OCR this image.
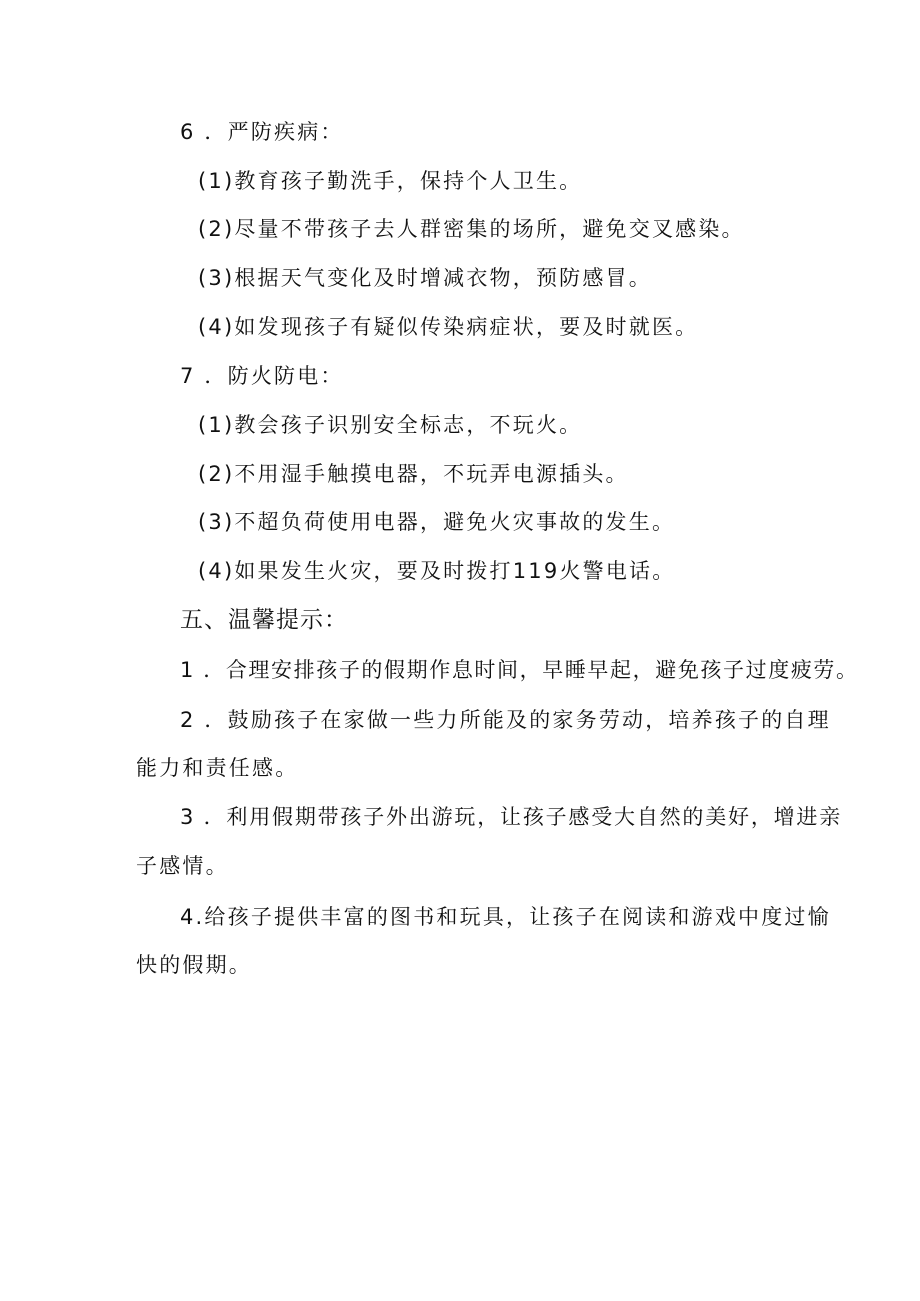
6 ．严防疾病：
(1)教育孩子勤洗手，保持个人卫生。
(2)尽量不带孩子去人群密集的场所，避免交叉感染。
(3)根据天气变化及时增减衣物，预防感冒。
(4)如发现孩子有疑似传染病症状，要及时就医。
7 ．防火防电：
(1)教会孩子识别安全标志，不玩火。
(2)不用湿手触摸电器，不玩弄电源插头。
(3)不超负荷使用电器，避免火灾事故的发生。
(4)如果发生火灾，要及时拨打119火警电话。
五、温馨提示：
1 ．合理安排孩子的假期作息时间，早睡早起，避免孩子过度疲劳。
2 ．鼓励孩子在家做一些力所能及的家务劳动，培养孩子的自理
能力和责任感。
3 ．利用假期带孩子外出游玩，让孩子感受大自然的美好，增进亲
子感情。
4.给孩子提供丰富的图书和玩具，让孩子在阅读和游戏中度过愉
快的假期。
